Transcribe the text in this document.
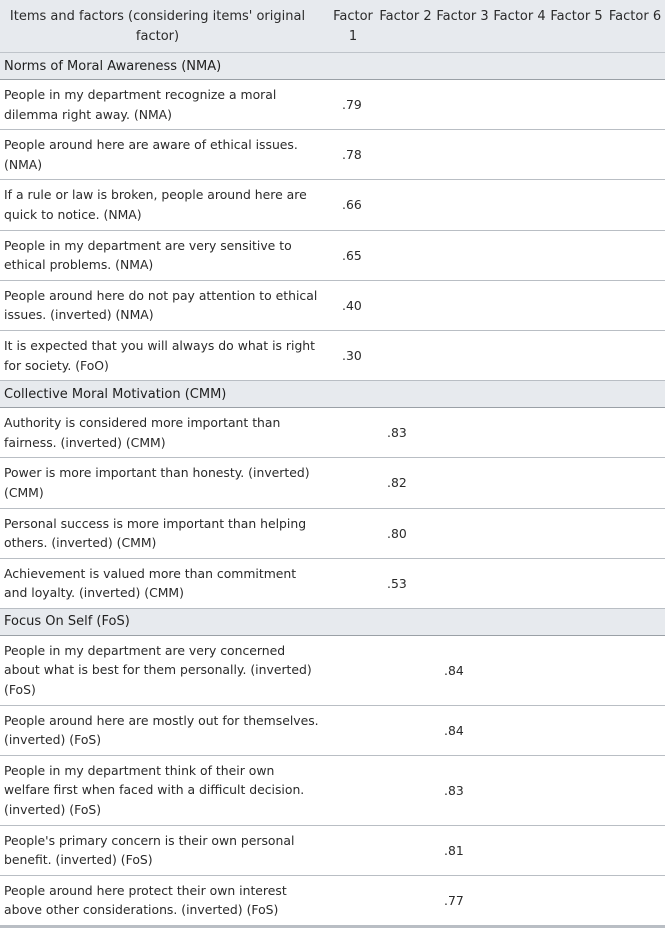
Items and factors (considering items' original factor)	Factor 1	Factor 2	Factor 3	Factor 4	Factor 5	Factor 6
Norms of Moral Awareness (NMA)						
People in my department recognize a moral dilemma right away. (NMA)	.79					
People around here are aware of ethical issues. (NMA)	.78					
If a rule or law is broken, people around here are quick to notice. (NMA)	.66					
People in my department are very sensitive to ethical problems. (NMA)	.65					
People around here do not pay attention to ethical issues. (inverted) (NMA)	.40					
It is expected that you will always do what is right for society. (FoO)	.30					
Collective Moral Motivation (CMM)						
Authority is considered more important than fairness. (inverted) (CMM)		.83				
Power is more important than honesty. (inverted) (CMM)		.82				
Personal success is more important than helping others. (inverted) (CMM)		.80				
Achievement is valued more than commitment and loyalty. (inverted) (CMM)		.53				
Focus On Self (FoS)						
People in my department are very concerned about what is best for them personally. (inverted) (FoS)			.84			
People around here are mostly out for themselves. (inverted) (FoS)			.84			
People in my department think of their own welfare first when faced with a difficult decision. (inverted) (FoS)			.83			
People's primary concern is their own personal benefit. (inverted) (FoS)			.81			
People around here protect their own interest above other considerations. (inverted) (FoS)			.77			
